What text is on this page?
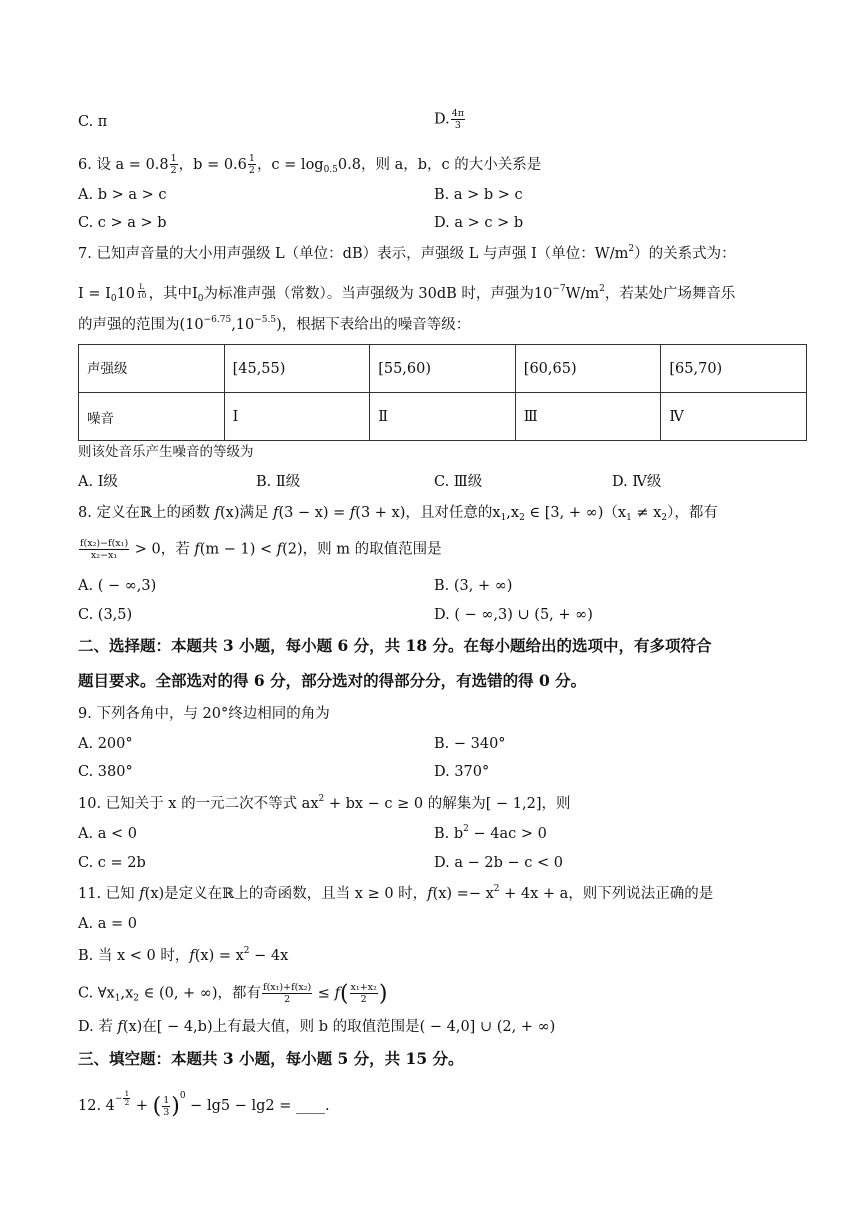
C. π	D. $\frac{4\pi}{3}$
6. 设 a = 0.8 $^{\frac{1}{2}}$ ，b = 0.6 $^{\frac{1}{2}}$ ，$c = \log_{0.5}0.8$，则 a，b，c 的大小关系是
A. b > a > c	B. a > b > c
C. c > a > b	D. a > c > b
7. 已知声音量的大小用声强级 L（单位：dB）表示，声强级 L 与声强 I（单位：$W/m^2$）的关系式为：
$I = I_010$ $^{\frac{L}{10}}$ ，其中$I_0$为标准声强（常数）。当声强级为 30dB 时，声强为$10^{-7}W/m^2$，若某处广场舞音乐
的声强的范围为$(10^{-6.75},10^{-5.5})$，根据下表给出的噪音等级：
声强级	[45,55)	[55,60)	[60,65)	[65,70)
噪音	Ⅰ	Ⅱ	Ⅲ	Ⅳ
则该处音乐产生噪音的等级为
A. Ⅰ级	B. Ⅱ级	C. Ⅲ级	D. Ⅳ级
8. 定义在ℝ上的函数 f(x)满足 f(3 − x) = f(3 + x)，且对任意的$x_1,x_2$ ∈ [3, + $\infty)(x_1 \ne x_2)$，都有
$\frac{\text{f(x₂)−f(x₁)}}{\text{x₂−x₁}} > 0$，若 f(m − 1) < f(2)，则 m 的取值范围是
A. ( − ∞,3)	B. (3, + ∞)
C. (3,5)	D. ( − ∞,3) ∪ (5, + ∞)
二、选择题：本题共 3 小题，每小题 6 分，共 18 分。在每小题给出的选项中，有多项符合
题目要求。全部选对的得 6 分，部分选对的得部分分，有选错的得 0 分。
9. 下列各角中，与 20°终边相同的角为
A. 200°	B. − 340°
C. 380°	D. 370°
10. 已知关于 x 的一元二次不等式 $ax^2$ + bx − c ≥ 0 的解集为[ − 1,2]，则
A. a < 0	B. $b^2 - 4ac > 0$
C. c = 2b	D. a − 2b − c < 0
11. 已知 f(x)是定义在ℝ上的奇函数，且当 x ≥ 0 时，$f(x) =- x^2 + 4x + a$，则下列说法正确的是
A. a = 0
B. 当 x < 0 时，$f(x) = x^2 - 4x$
C. $\forall x_1,x_2$ ∈ (0, + ∞)，都有 $\frac{\text{f(x₁)+f(x₂)}}{2} \le f( \frac{\text{x₁+x₂}}{2}$ )
D. 若 f(x)在[ − 4,b)上有最大值，则 b 的取值范围是( − 4,0] ∪ (2, + ∞)
三、填空题：本题共 3 小题，每小题 5 分，共 15 分。
12. $4^{- \frac{1}{2}}$ + ( $\frac{1}{3} )^0 - \lg 5 - \lg 2$ = ____.
